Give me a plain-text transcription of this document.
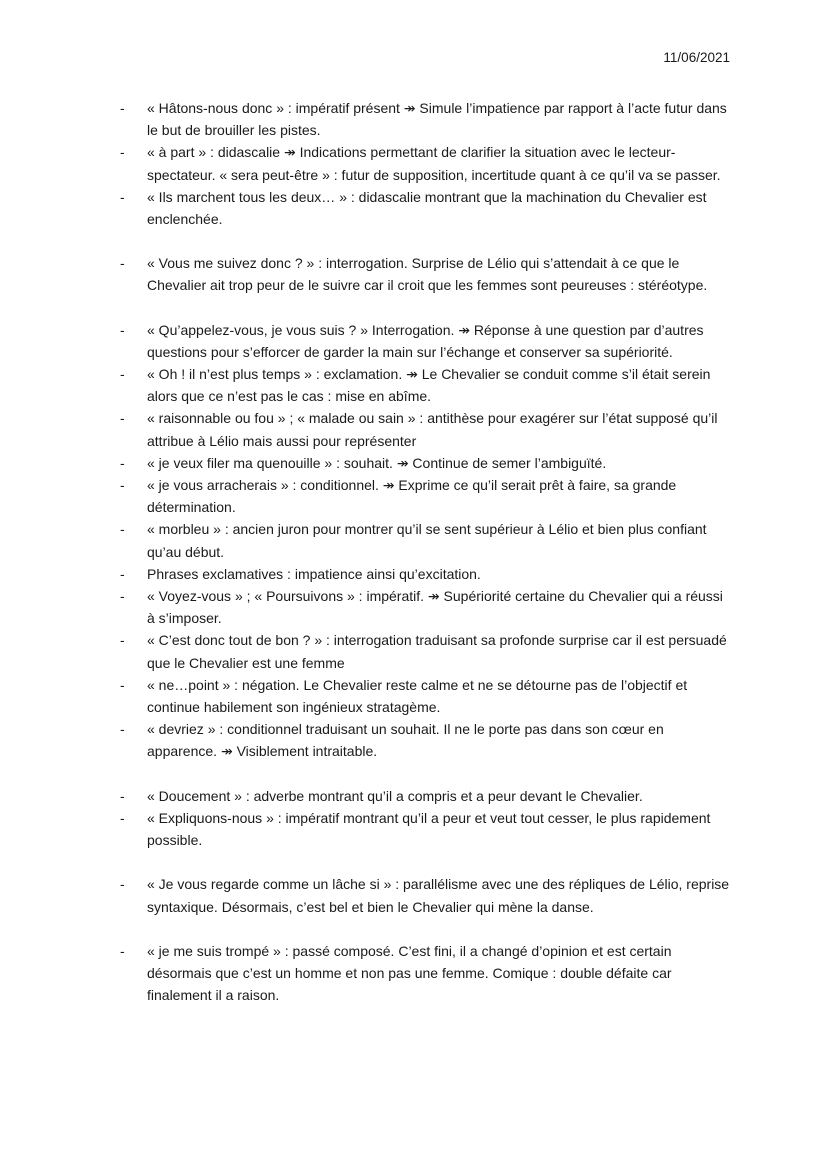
11/06/2021
-	« Hâtons-nous donc » : impératif présent ↠ Simule l’impatience par rapport à l’acte futur dans le but de brouiller les pistes.
-	« à part » : didascalie ↠ Indications permettant de clarifier la situation avec le lecteur-spectateur. « sera peut-être » : futur de supposition, incertitude quant à ce qu’il va se passer.
-	« Ils marchent tous les deux… » : didascalie montrant que la machination du Chevalier est enclenchée.
-	« Vous me suivez donc ? » : interrogation. Surprise de Lélio qui s’attendait à ce que le Chevalier ait trop peur de le suivre car il croit que les femmes sont peureuses : stéréotype.
-	« Qu’appelez-vous, je vous suis ? » Interrogation. ↠ Réponse à une question par d’autres questions pour s’efforcer de garder la main sur l’échange et conserver sa supériorité.
-	« Oh ! il n’est plus temps » : exclamation. ↠ Le Chevalier se conduit comme s’il était serein alors que ce n’est pas le cas : mise en abîme.
-	« raisonnable ou fou » ; « malade ou sain » : antithèse pour exagérer sur l’état supposé qu’il attribue à Lélio mais aussi pour représenter
-	« je veux filer ma quenouille » : souhait. ↠ Continue de semer l’ambiguïté.
-	« je vous arracherais » : conditionnel. ↠ Exprime ce qu’il serait prêt à faire, sa grande détermination.
-	« morbleu » : ancien juron pour montrer qu’il se sent supérieur à Lélio et bien plus confiant qu’au début.
-	Phrases exclamatives : impatience ainsi qu’excitation.
-	« Voyez-vous » ; « Poursuivons » : impératif. ↠ Supériorité certaine du Chevalier qui a réussi à s’imposer.
-	« C’est donc tout de bon ? » : interrogation traduisant sa profonde surprise car il est persuadé que le Chevalier est une femme
-	« ne…point » : négation. Le Chevalier reste calme et ne se détourne pas de l’objectif et continue habilement son ingénieux stratagème.
-	« devriez » : conditionnel traduisant un souhait. Il ne le porte pas dans son cœur en apparence. ↠ Visiblement intraitable.
-	« Doucement » : adverbe montrant qu’il a compris et a peur devant le Chevalier.
-	« Expliquons-nous » : impératif montrant qu’il a peur et veut tout cesser, le plus rapidement possible.
-	« Je vous regarde comme un lâche si » : parallélisme avec une des répliques de Lélio, reprise syntaxique. Désormais, c’est bel et bien le Chevalier qui mène la danse.
-	« je me suis trompé » : passé composé. C’est fini, il a changé d’opinion et est certain désormais que c’est un homme et non pas une femme. Comique : double défaite car finalement il a raison.
